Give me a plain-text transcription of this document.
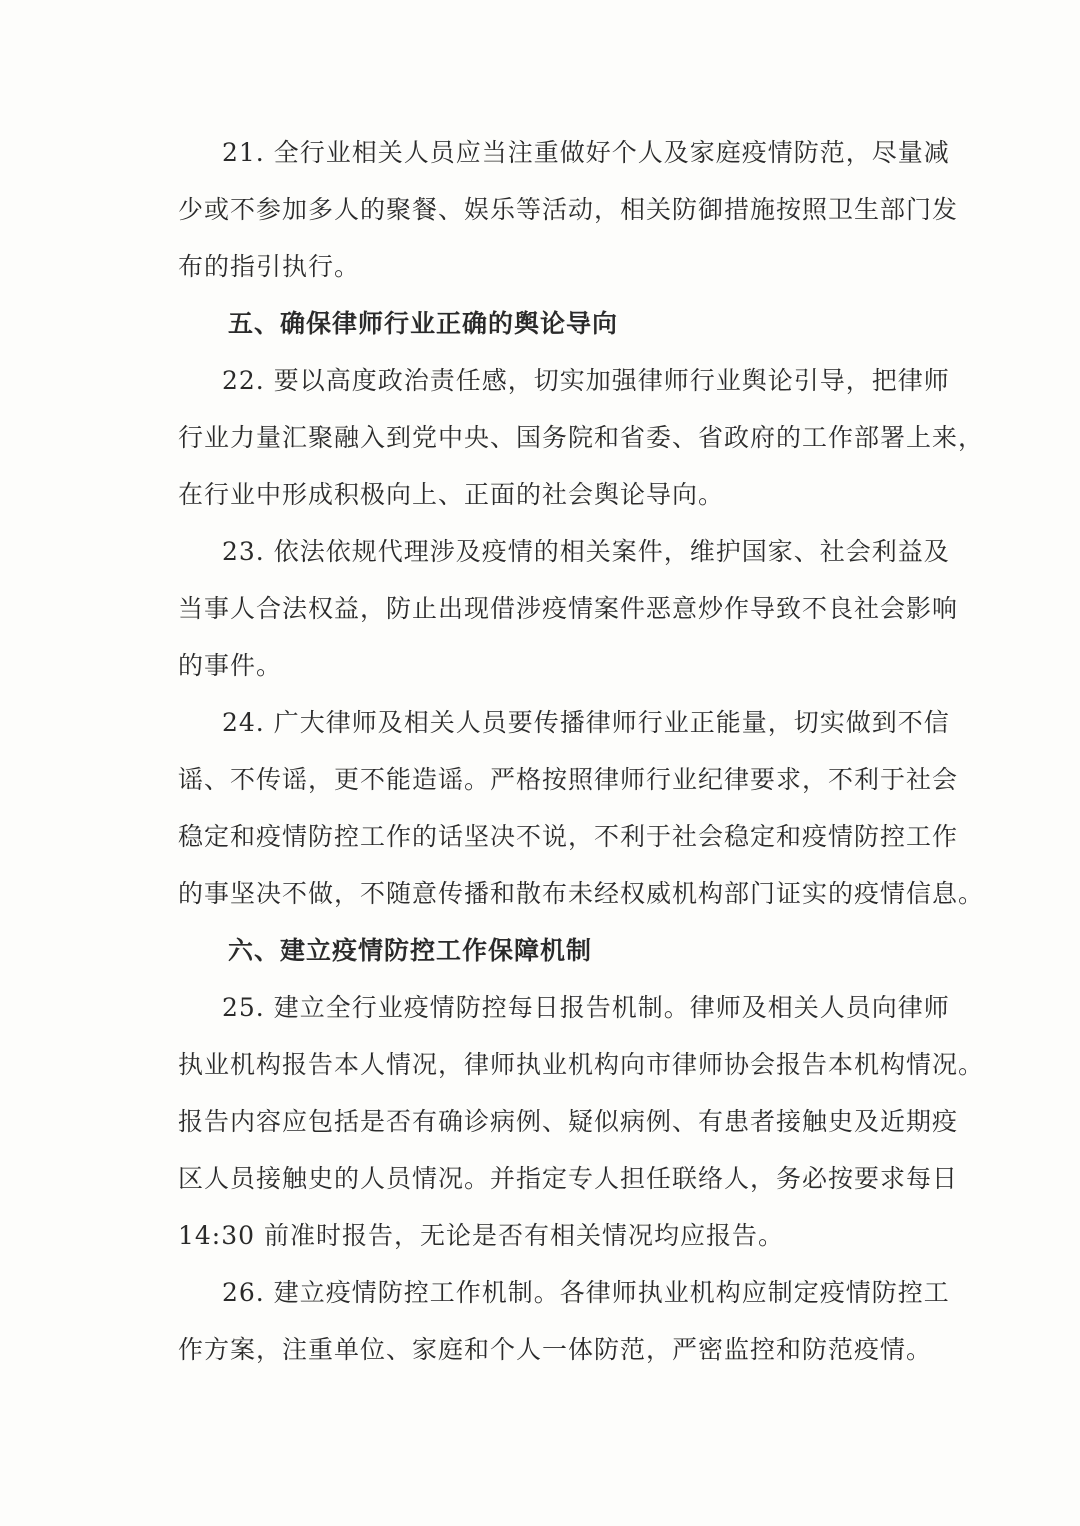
21. 全行业相关人员应当注重做好个人及家庭疫情防范，尽量减
少或不参加多人的聚餐、娱乐等活动，相关防御措施按照卫生部门发
布的指引执行。
五、确保律师行业正确的舆论导向
22. 要以高度政治责任感，切实加强律师行业舆论引导，把律师
行业力量汇聚融入到党中央、国务院和省委、省政府的工作部署上来，
在行业中形成积极向上、正面的社会舆论导向。
23. 依法依规代理涉及疫情的相关案件，维护国家、社会利益及
当事人合法权益，防止出现借涉疫情案件恶意炒作导致不良社会影响
的事件。
24. 广大律师及相关人员要传播律师行业正能量，切实做到不信
谣、不传谣，更不能造谣。严格按照律师行业纪律要求，不利于社会
稳定和疫情防控工作的话坚决不说，不利于社会稳定和疫情防控工作
的事坚决不做，不随意传播和散布未经权威机构部门证实的疫情信息。
六、建立疫情防控工作保障机制
25. 建立全行业疫情防控每日报告机制。律师及相关人员向律师
执业机构报告本人情况，律师执业机构向市律师协会报告本机构情况。
报告内容应包括是否有确诊病例、疑似病例、有患者接触史及近期疫
区人员接触史的人员情况。并指定专人担任联络人，务必按要求每日
14:30 前准时报告，无论是否有相关情况均应报告。
26. 建立疫情防控工作机制。各律师执业机构应制定疫情防控工
作方案，注重单位、家庭和个人一体防范，严密监控和防范疫情。
